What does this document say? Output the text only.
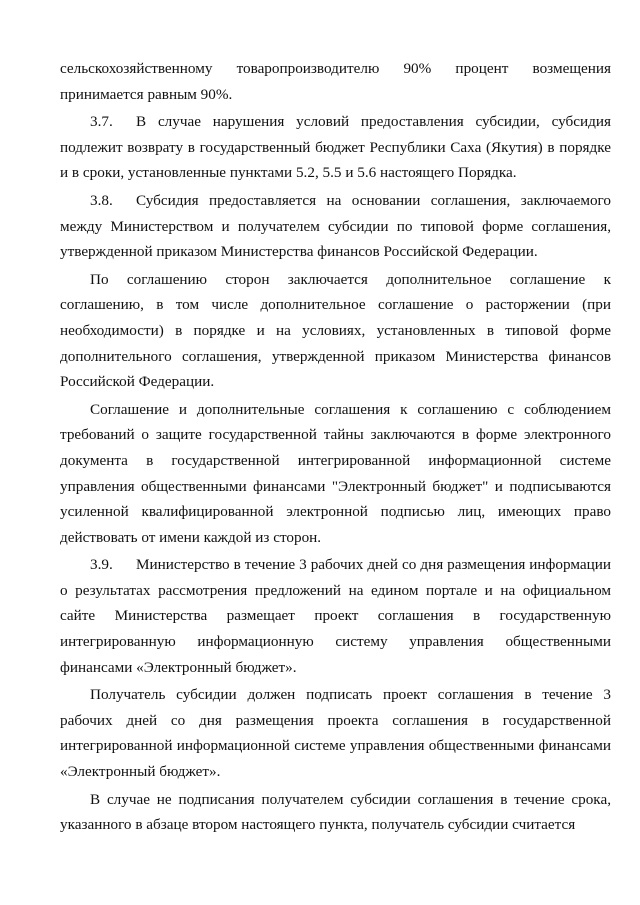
сельскохозяйственному товаропроизводителю 90% процент возмещения принимается равным 90%.

3.7. В случае нарушения условий предоставления субсидии, субсидия подлежит возврату в государственный бюджет Республики Саха (Якутия) в порядке и в сроки, установленные пунктами 5.2, 5.5 и 5.6 настоящего Порядка.

3.8. Субсидия предоставляется на основании соглашения, заключаемого между Министерством и получателем субсидии по типовой форме соглашения, утвержденной приказом Министерства финансов Российской Федерации.

По соглашению сторон заключается дополнительное соглашение к соглашению, в том числе дополнительное соглашение о расторжении (при необходимости) в порядке и на условиях, установленных в типовой форме дополнительного соглашения, утвержденной приказом Министерства финансов Российской Федерации.

Соглашение и дополнительные соглашения к соглашению с соблюдением требований о защите государственной тайны заключаются в форме электронного документа в государственной интегрированной информационной системе управления общественными финансами "Электронный бюджет" и подписываются усиленной квалифицированной электронной подписью лиц, имеющих право действовать от имени каждой из сторон.

3.9. Министерство в течение 3 рабочих дней со дня размещения информации о результатах рассмотрения предложений на едином портале и на официальном сайте Министерства размещает проект соглашения в государственную интегрированную информационную систему управления общественными финансами «Электронный бюджет».

Получатель субсидии должен подписать проект соглашения в течение 3 рабочих дней со дня размещения проекта соглашения в государственной интегрированной информационной системе управления общественными финансами «Электронный бюджет».

В случае не подписания получателем субсидии соглашения в течение срока, указанного в абзаце втором настоящего пункта, получатель субсидии считается
